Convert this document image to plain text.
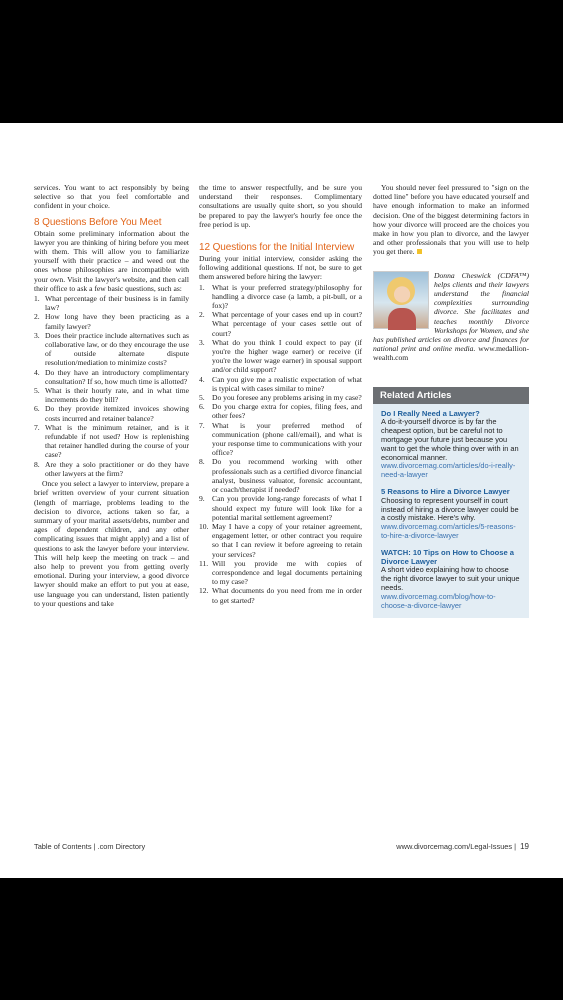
services. You want to act responsibly by being selective so that you feel comfortable and confident in your choice.

8 Questions Before You Meet

Obtain some preliminary information about the lawyer you are thinking of hiring before you meet with them. This will allow you to familiarize yourself with their practice – and weed out the ones whose philosophies are incompatible with your own. Visit the lawyer's website, and then call their office to ask a few basic questions, such as:

1. What percentage of their business is in family law?
2. How long have they been practicing as a family lawyer?
3. Does their practice include alternatives such as collaborative law, or do they encourage the use of outside alternate dispute resolution/mediation to minimize costs?
4. Do they have an introductory complimentary consultation? If so, how much time is allotted?
5. What is their hourly rate, and in what time increments do they bill?
6. Do they provide itemized invoices showing costs incurred and retainer balance?
7. What is the minimum retainer, and is it refundable if not used? How is replenishing that retainer handled during the course of your case?
8. Are they a solo practitioner or do they have other lawyers at the firm?

Once you select a lawyer to interview, prepare a brief written overview of your current situation (length of marriage, problems leading to the decision to divorce, actions taken so far, a summary of your marital assets/debts, number and ages of dependent children, and any other complicating issues that might apply) and a list of questions to ask the lawyer before your interview. This will help keep the meeting on track – and also help to prevent you from getting overly emotional. During your interview, a good divorce lawyer should make an effort to put you at ease, use language you can understand, listen patiently to your questions and take

the time to answer respectfully, and be sure you understand their responses. Complimentary consultations are usually quite short, so you should be prepared to pay the lawyer's hourly fee once the free period is up.

12 Questions for the Initial Interview

During your initial interview, consider asking the following additional questions. If not, be sure to get them answered before hiring the lawyer:

1. What is your preferred strategy/philosophy for handling a divorce case (a lamb, a pit-bull, or a fox)?
2. What percentage of your cases end up in court? What percentage of your cases settle out of court?
3. What do you think I could expect to pay (if you're the higher wage earner) or receive (if you're the lower wage earner) in spousal support and/or child support?
4. Can you give me a realistic expectation of what is typical with cases similar to mine?
5. Do you foresee any problems arising in my case?
6. Do you charge extra for copies, filing fees, and other fees?
7. What is your preferred method of communication (phone call/email), and what is your response time to communications with your office?
8. Do you recommend working with other professionals such as a certified divorce financial analyst, business valuator, forensic accountant, or coach/therapist if needed?
9. Can you provide long-range forecasts of what I should expect my future will look like for a potential marital settlement agreement?
10. May I have a copy of your retainer agreement, engagement letter, or other contract you require so that I can review it before agreeing to retain your services?
11. Will you provide me with copies of correspondence and legal documents pertaining to my case?
12. What documents do you need from me in order to get started?

You should never feel pressured to "sign on the dotted line" before you have educated yourself and have enough information to make an informed decision. One of the biggest determining factors in how your divorce will proceed are the choices you make in how you plan to divorce, and the lawyer and other professionals that you will use to help you get there.

Donna Cheswick (CDFA™) helps clients and their lawyers understand the financial complexities surrounding divorce. She facilitates and teaches monthly Divorce Workshops for Women, and she has published articles on divorce and finances for national print and online media. www.medallion-wealth.com
Related Articles
Do I Really Need a Lawyer?
A do-it-yourself divorce is by far the cheapest option, but be careful not to mortgage your future just because you want to get the whole thing over with in an economical manner.
www.divorcemag.com/articles/do-i-really-need-a-lawyer
5 Reasons to Hire a Divorce Lawyer
Choosing to represent yourself in court instead of hiring a divorce lawyer could be a costly mistake. Here's why.
www.divorcemag.com/articles/5-reasons-to-hire-a-divorce-lawyer
WATCH: 10 Tips on How to Choose a Divorce Lawyer
A short video explaining how to choose the right divorce lawyer to suit your unique needs.
www.divorcemag.com/blog/how-to-choose-a-divorce-lawyer
Table of Contents | .com Directory	www.divorcemag.com/Legal-Issues | 19
